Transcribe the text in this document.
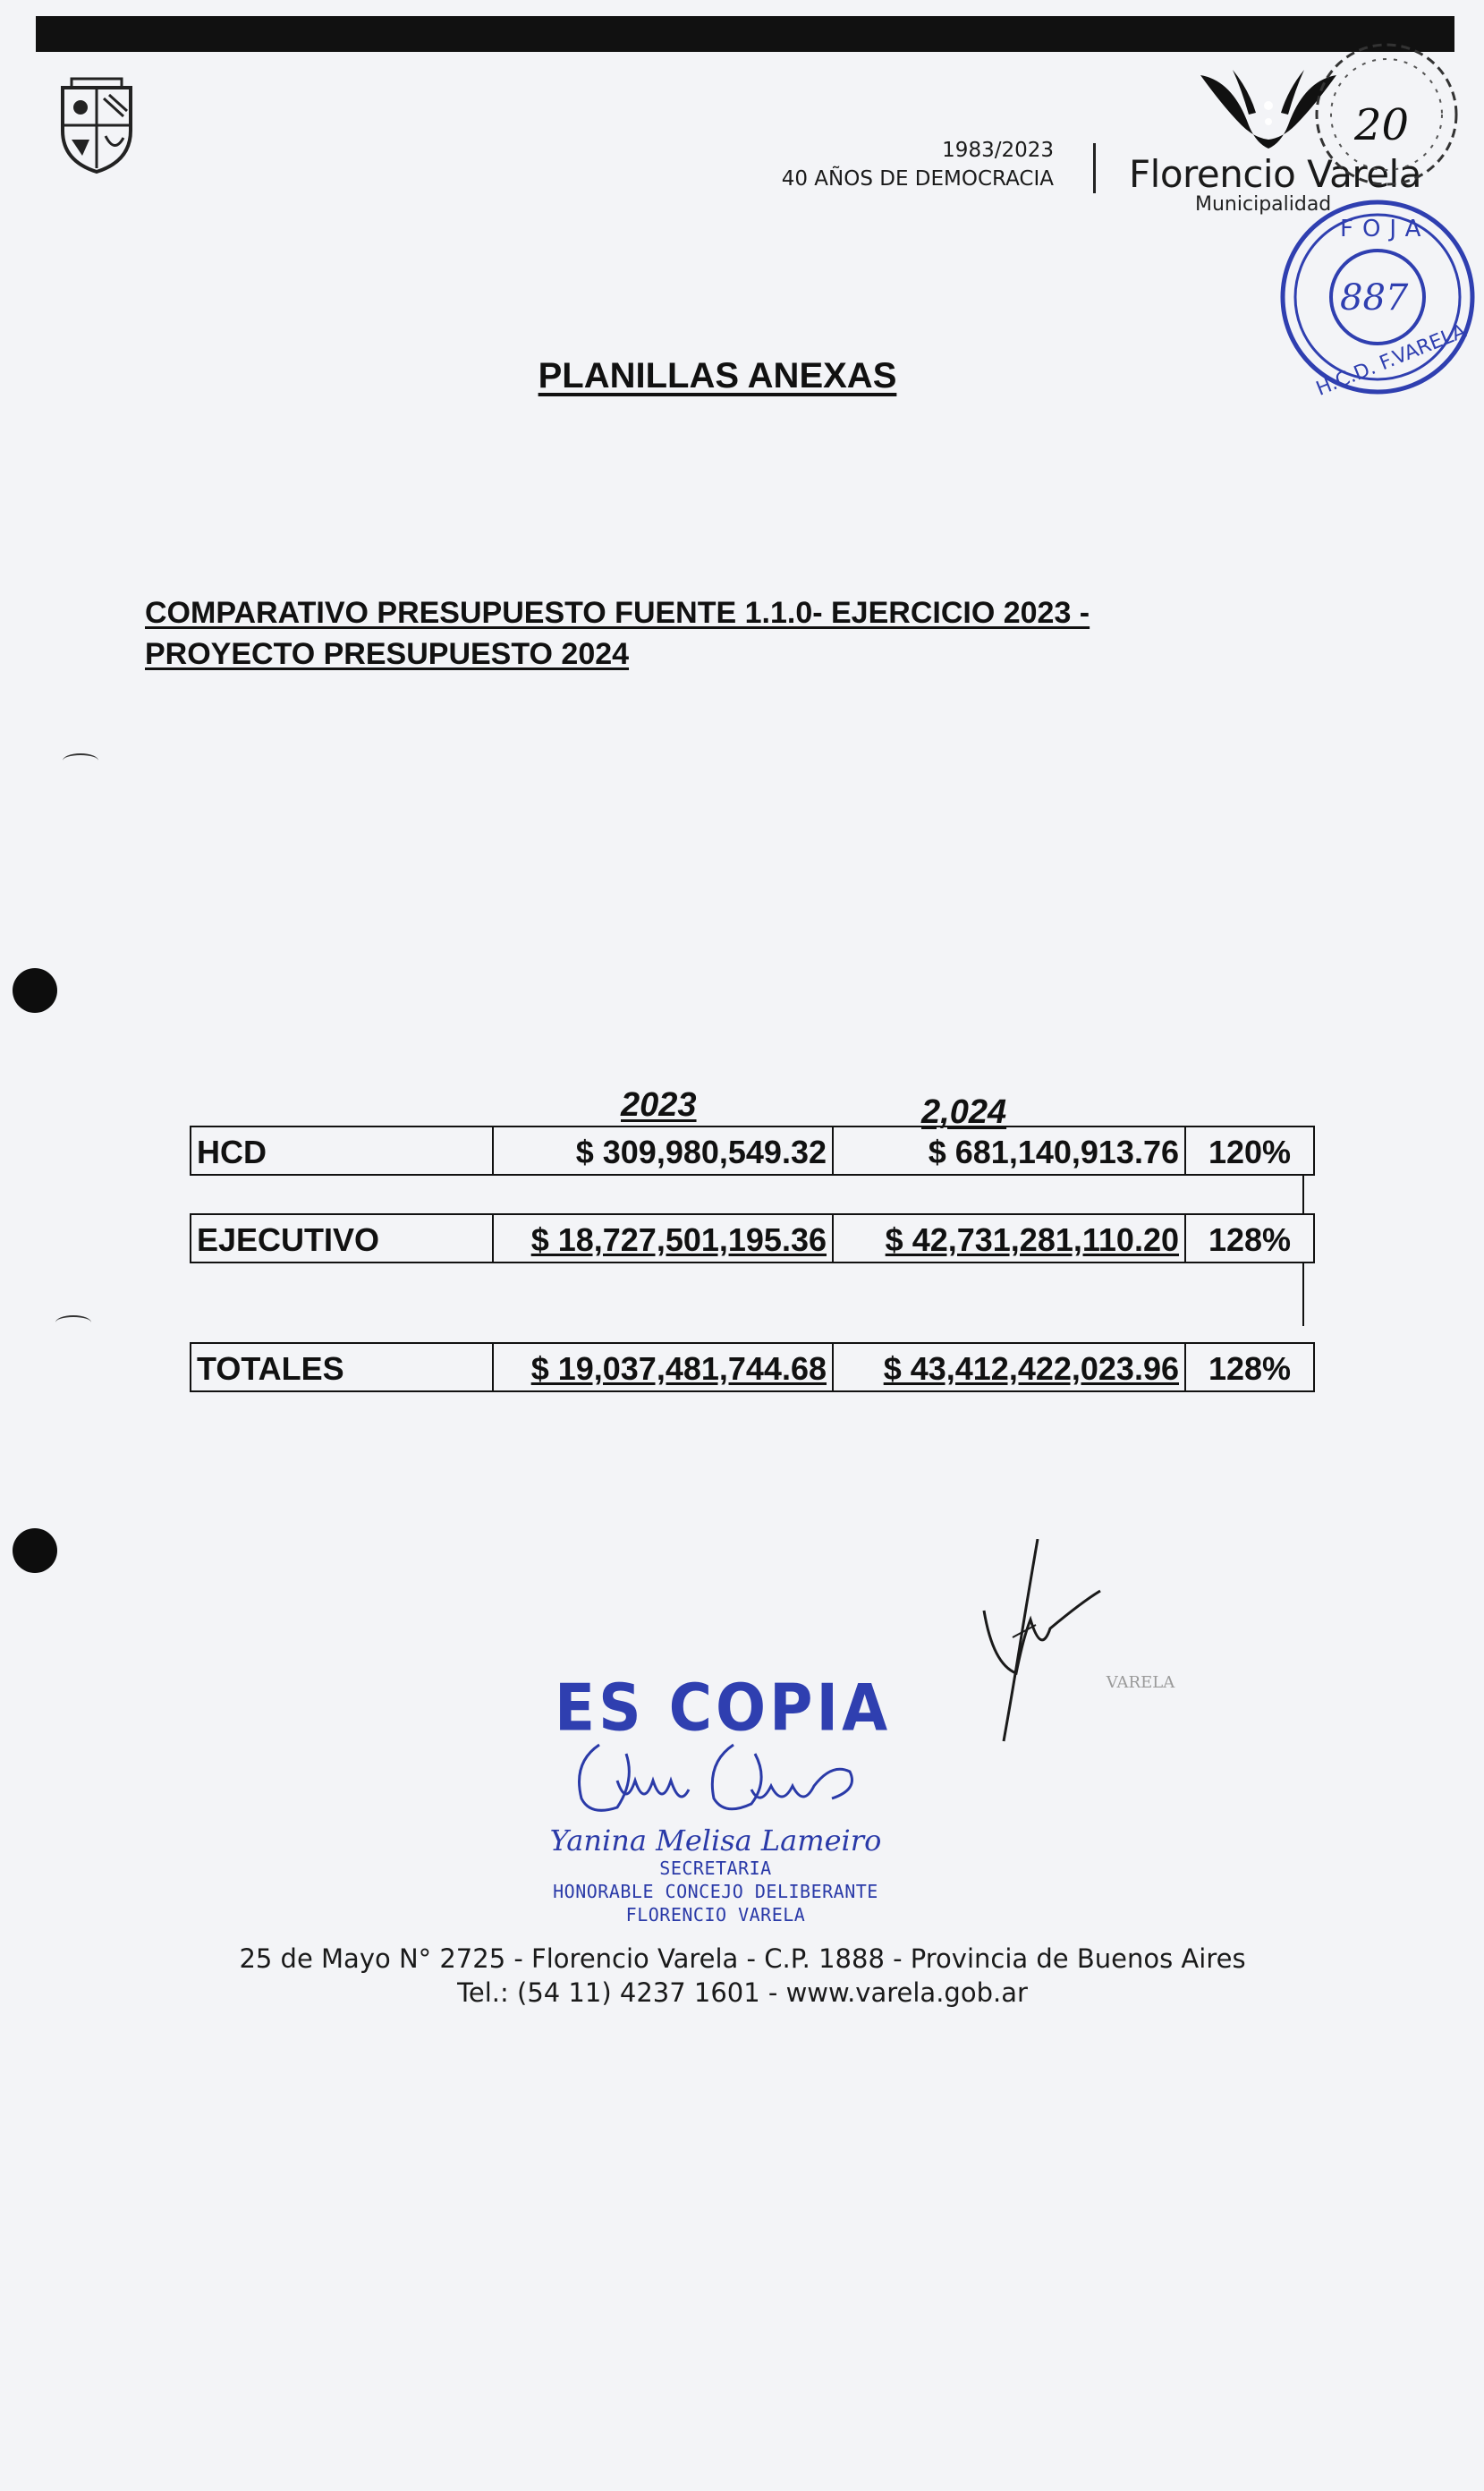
1983/2023
40 AÑOS DE DEMOCRACIA Florencio Varela
Municipalidad
20
FOJA
887
H.C.D. F.VARELA
PLANILLAS ANEXAS
COMPARATIVO PRESUPUESTO FUENTE 1.1.0- EJERCICIO 2023 -
PROYECTO PRESUPUESTO 2024
2023	2,024
HCD	$ 309,980,549.32	$ 681,140,913.76 120%
EJECUTIVO	$ 18,727,501,195.36	$ 42,731,281,110.20 128%
TOTALES	$ 19,037,481,744.68	$ 43,412,422,023.96 128%
VARELA
ES COPIA
Yanina Melisa Lameiro
SECRETARIA
HONORABLE CONCEJO DELIBERANTE
FLORENCIO VARELA
25 de Mayo N° 2725 - Florencio Varela - C.P. 1888 - Provincia de Buenos Aires
Tel.: (54 11) 4237 1601 - www.varela.gob.ar
